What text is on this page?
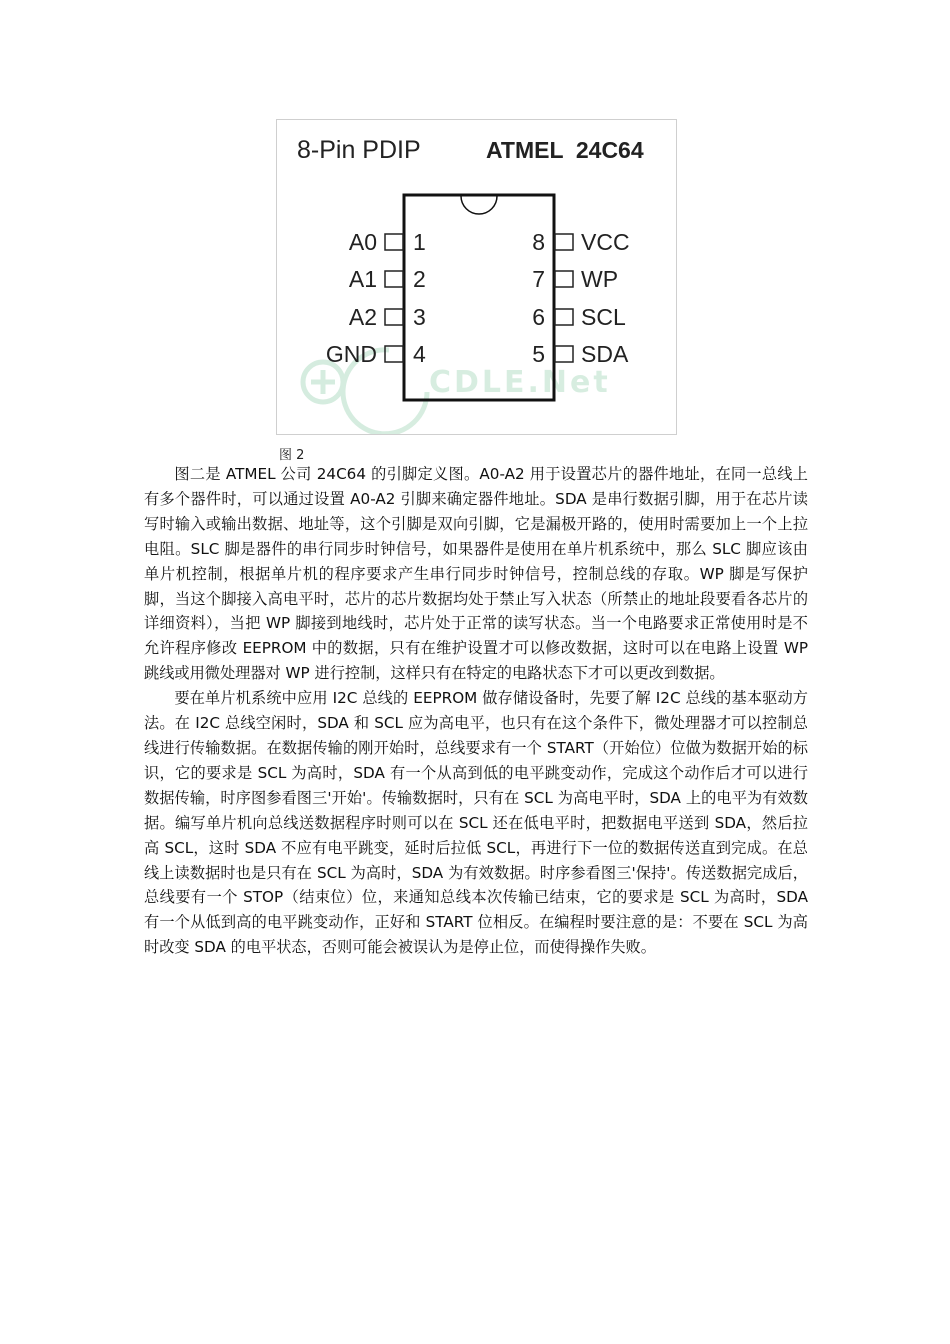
CDLE.Net
8-Pin PDIP	ATMEL  24C64
A0 1
A1 2
A2 3
GND 4
8 VCC
7 WP
6 SCL
5 SDA
图 2

图二是 ATMEL 公司 24C64 的引脚定义图。A0-A2 用于设置芯片的器件地址，在同一总线上有多个器件时，可以通过设置 A0-A2 引脚来确定器件地址。SDA 是串行数据引脚，用于在芯片读写时输入或输出数据、地址等，这个引脚是双向引脚，它是漏极开路的，使用时需要加上一个上拉电阻。SLC 脚是器件的串行同步时钟信号，如果器件是使用在单片机系统中，那么 SLC 脚应该由单片机控制，根据单片机的程序要求产生串行同步时钟信号，控制总线的存取。WP 脚是写保护脚，当这个脚接入高电平时，芯片的芯片数据均处于禁止写入状态（所禁止的地址段要看各芯片的详细资料），当把 WP 脚接到地线时，芯片处于正常的读写状态。当一个电路要求正常使用时是不允许程序修改 EEPROM 中的数据，只有在维护设置才可以修改数据，这时可以在电路上设置 WP 跳线或用微处理器对 WP 进行控制，这样只有在特定的电路状态下才可以更改到数据。

要在单片机系统中应用 I2C 总线的 EEPROM 做存储设备时，先要了解 I2C 总线的基本驱动方法。在 I2C 总线空闲时，SDA 和 SCL 应为高电平，也只有在这个条件下，微处理器才可以控制总线进行传输数据。在数据传输的刚开始时，总线要求有一个 START（开始位）位做为数据开始的标识，它的要求是 SCL 为高时，SDA 有一个从高到低的电平跳变动作，完成这个动作后才可以进行数据传输，时序图参看图三'开始'。传输数据时，只有在 SCL 为高电平时，SDA 上的电平为有效数据。编写单片机向总线送数据程序时则可以在 SCL 还在低电平时，把数据电平送到 SDA，然后拉高 SCL，这时 SDA 不应有电平跳变，延时后拉低 SCL，再进行下一位的数据传送直到完成。在总线上读数据时也是只有在 SCL 为高时，SDA 为有效数据。时序参看图三'保持'。传送数据完成后，总线要有一个 STOP（结束位）位，来通知总线本次传输已结束，它的要求是 SCL 为高时，SDA 有一个从低到高的电平跳变动作，正好和 START 位相反。在编程时要注意的是：不要在 SCL 为高时改变 SDA 的电平状态，否则可能会被误认为是停止位，而使得操作失败。
